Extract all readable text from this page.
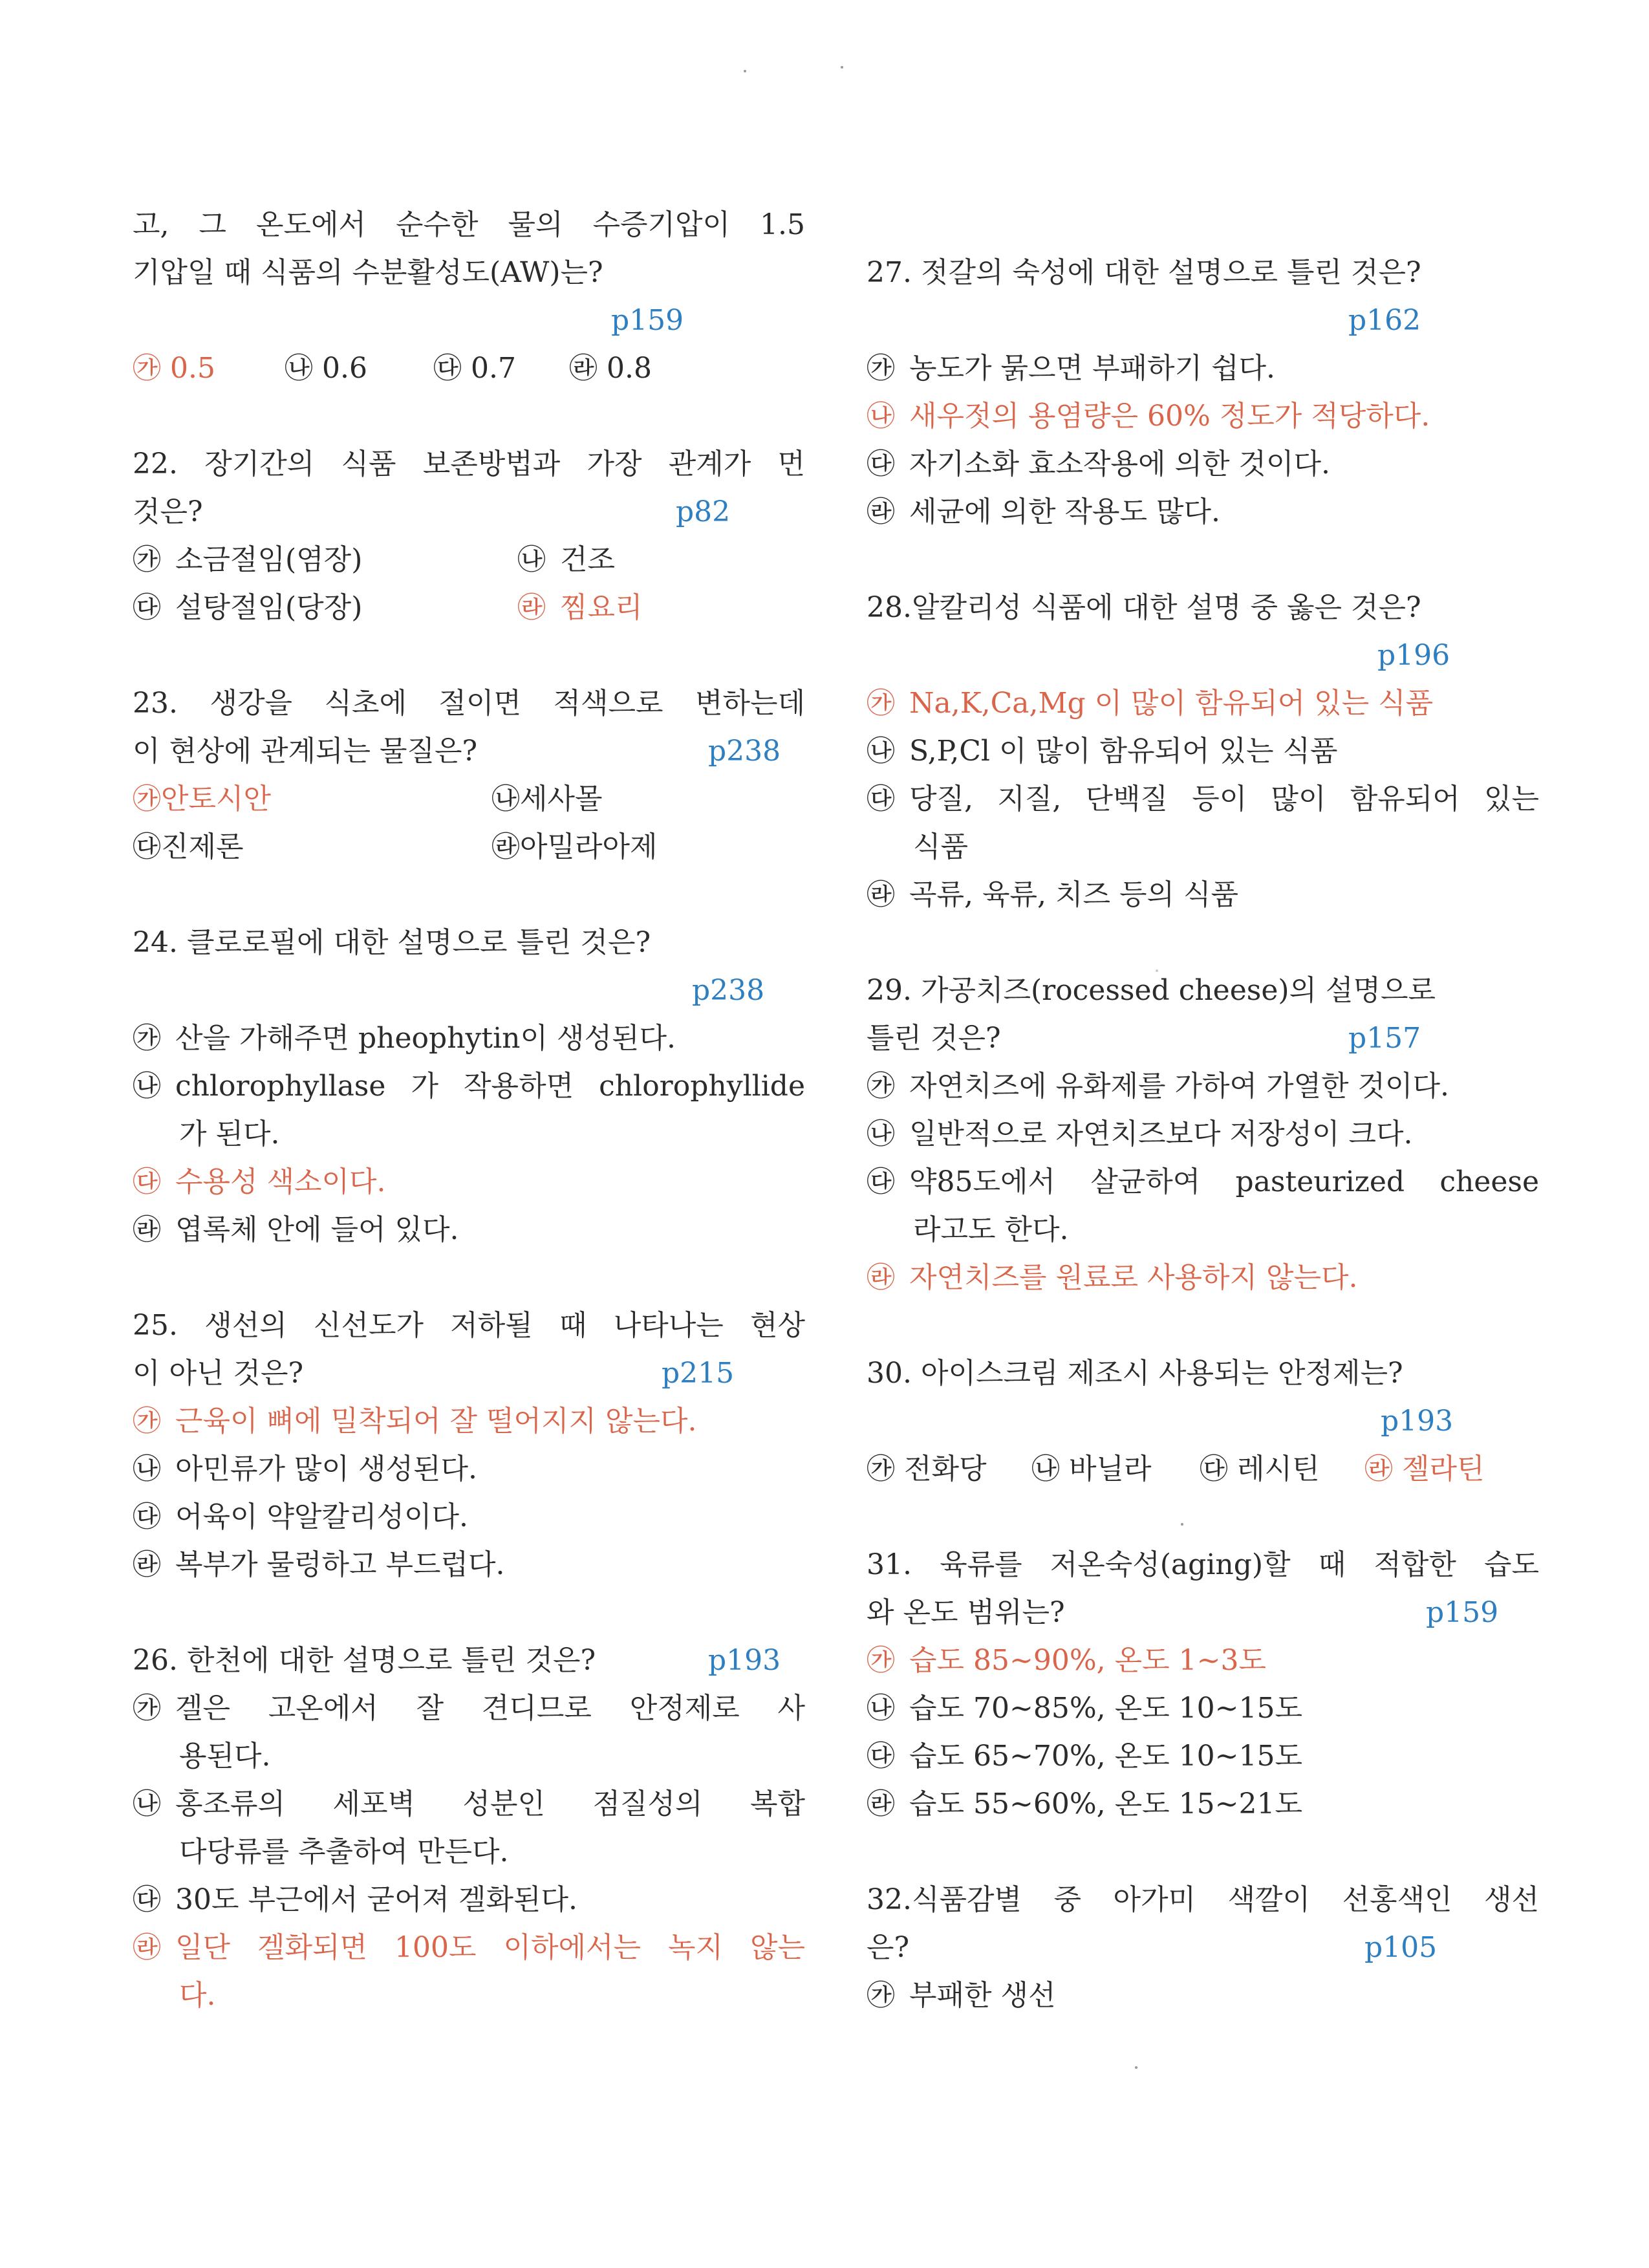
고, 그 온도에서 순수한 물의 수증기압이 1.5
기압일 때 식품의 수분활성도(AW)는?
p159
㉮ 0.5 ㉯ 0.6 ㉰ 0.7 ㉱ 0.8
22. 장기간의 식품 보존방법과 가장 관계가 먼
것은?	p82
㉮ 소금절임(염장)	㉯ 건조
㉰ 설탕절임(당장)	㉱ 찜요리
23. 생강을 식초에 절이면 적색으로 변하는데
이 현상에 관계되는 물질은?	p238
㉮안토시안	㉯세사몰
㉰진제론	㉱아밀라아제
24. 클로로필에 대한 설명으로 틀린 것은?
p238
㉮ 산을 가해주면 pheophytin이 생성된다.
㉯ chlorophyllase 가 작용하면 chlorophyllide
가 된다.
㉰ 수용성 색소이다.
㉱ 엽록체 안에 들어 있다.
25. 생선의 신선도가 저하될 때 나타나는 현상
이 아닌 것은?	p215
㉮ 근육이 뼈에 밀착되어 잘 떨어지지 않는다.
㉯ 아민류가 많이 생성된다.
㉰ 어육이 약알칼리성이다.
㉱ 복부가 물렁하고 부드럽다.
26. 한천에 대한 설명으로 틀린 것은?	p193
㉮ 겔은 고온에서 잘 견디므로 안정제로 사
용된다.
㉯ 홍조류의 세포벽 성분인 점질성의 복합
다당류를 추출하여 만든다.
㉰ 30도 부근에서 굳어져 겔화된다.
㉱ 일단 겔화되면 100도 이하에서는 녹지 않는
다.
27. 젓갈의 숙성에 대한 설명으로 틀린 것은?
p162
㉮ 농도가 묽으면 부패하기 쉽다.
㉯ 새우젓의 용염량은 60% 정도가 적당하다.
㉰ 자기소화 효소작용에 의한 것이다.
㉱ 세균에 의한 작용도 많다.
28.알칼리성 식품에 대한 설명 중 옳은 것은?
p196
㉮ Na,K,Ca,Mg 이 많이 함유되어 있는 식품
㉯ S,P,Cl 이 많이 함유되어 있는 식품
㉰ 당질, 지질, 단백질 등이 많이 함유되어 있는
식품
㉱ 곡류, 육류, 치즈 등의 식품
29. 가공치즈(rocessed cheese)의 설명으로
틀린 것은?	p157
㉮ 자연치즈에 유화제를 가하여 가열한 것이다.
㉯ 일반적으로 자연치즈보다 저장성이 크다.
㉰ 약85도에서 살균하여 pasteurized cheese
라고도 한다.
㉱ 자연치즈를 원료로 사용하지 않는다.
30. 아이스크림 제조시 사용되는 안정제는?
p193
㉮ 전화당 ㉯ 바닐라 ㉰ 레시틴 ㉱ 젤라틴
31. 육류를 저온숙성(aging)할 때 적합한 습도
와 온도 범위는?	p159
㉮ 습도 85~90%, 온도 1~3도
㉯ 습도 70~85%, 온도 10~15도
㉰ 습도 65~70%, 온도 10~15도
㉱ 습도 55~60%, 온도 15~21도
32.식품감별 중 아가미 색깔이 선홍색인 생선
은?	p105
㉮ 부패한 생선
